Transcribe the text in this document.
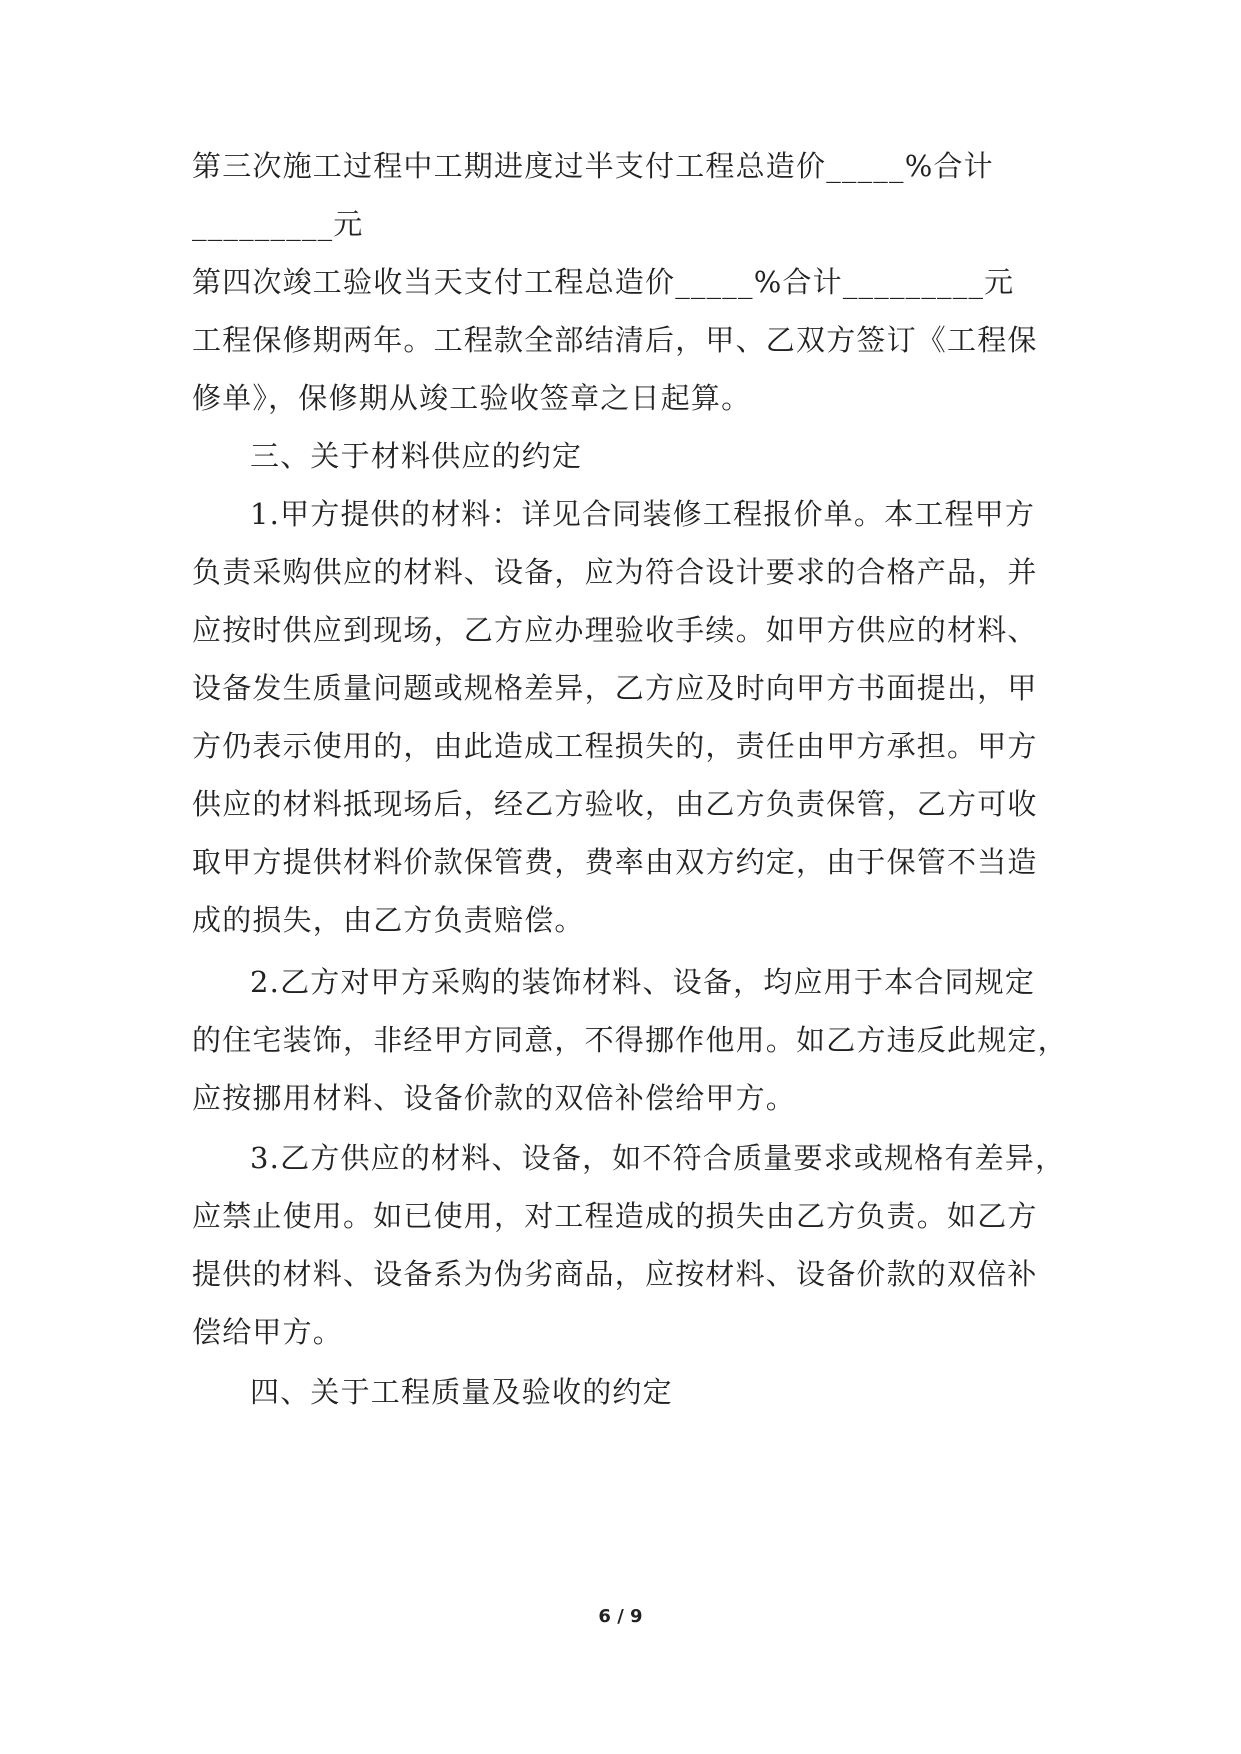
第三次施工过程中工期进度过半支付工程总造价_____%合计
_________元
第四次竣工验收当天支付工程总造价_____%合计_________元
工程保修期两年。工程款全部结清后，甲、乙双方签订《工程保
修单》，保修期从竣工验收签章之日起算。
三、关于材料供应的约定
1.甲方提供的材料：详见合同装修工程报价单。本工程甲方
负责采购供应的材料、设备，应为符合设计要求的合格产品，并
应按时供应到现场，乙方应办理验收手续。如甲方供应的材料、
设备发生质量问题或规格差异，乙方应及时向甲方书面提出，甲
方仍表示使用的，由此造成工程损失的，责任由甲方承担。甲方
供应的材料抵现场后，经乙方验收，由乙方负责保管，乙方可收
取甲方提供材料价款保管费，费率由双方约定，由于保管不当造
成的损失，由乙方负责赔偿。
2.乙方对甲方采购的装饰材料、设备，均应用于本合同规定
的住宅装饰，非经甲方同意，不得挪作他用。如乙方违反此规定，
应按挪用材料、设备价款的双倍补偿给甲方。
3.乙方供应的材料、设备，如不符合质量要求或规格有差异，
应禁止使用。如已使用，对工程造成的损失由乙方负责。如乙方
提供的材料、设备系为伪劣商品，应按材料、设备价款的双倍补
偿给甲方。
四、关于工程质量及验收的约定
6 / 9
